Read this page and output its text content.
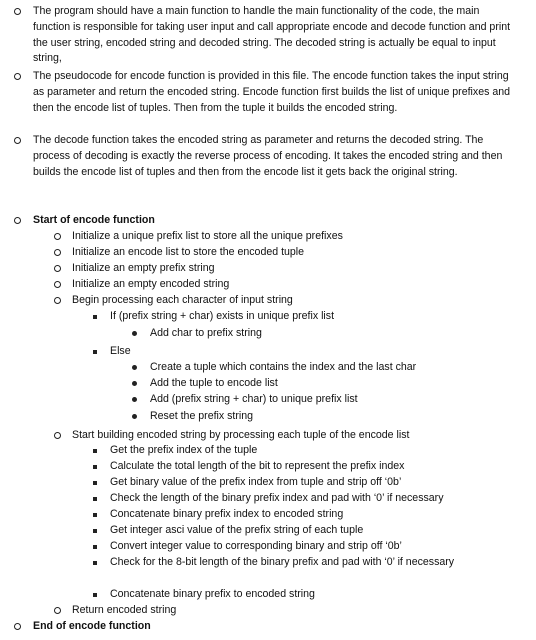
The program should have a main function to handle the main functionality of the code, the main function is responsible for taking user input and call appropriate encode and decode function and print the user string, encoded string and decoded string. The decoded string is actually be equal to input string,
The pseudocode for encode function is provided in this file. The encode function takes the input string as parameter and return the encoded string. Encode function first builds the list of unique prefixes and then the encode list of tuples. Then from the tuple it builds the encoded string.
The decode function takes the encoded string as parameter and returns the decoded string. The process of decoding is exactly the reverse process of encoding. It takes the encoded string and then builds the encode list of tuples and then from the encode list it gets back the original string.
Start of encode function
Initialize a unique prefix list to store all the unique prefixes
Initialize an encode list to store the encoded tuple
Initialize an empty prefix string
Initialize an empty encoded string
Begin processing each character of input string
If (prefix string + char) exists in unique prefix list
Add char to prefix string
Else
Create a tuple which contains the index and the last char
Add the tuple to encode list
Add (prefix string + char) to unique prefix list
Reset the prefix string
Start building encoded string by processing each tuple of the encode list
Get the prefix index of the tuple
Calculate the total length of the bit to represent the prefix index
Get binary value of the prefix index from tuple and strip off ‘0b’
Check the length of the binary prefix index and pad with ‘0’ if necessary
Concatenate binary prefix index to encoded string
Get integer asci value of the prefix string of each tuple
Convert integer value to corresponding binary and strip off ‘0b’
Check for the 8-bit length of the binary prefix and pad with ‘0’ if necessary
Concatenate binary prefix to encoded string
Return encoded string
End of encode function
